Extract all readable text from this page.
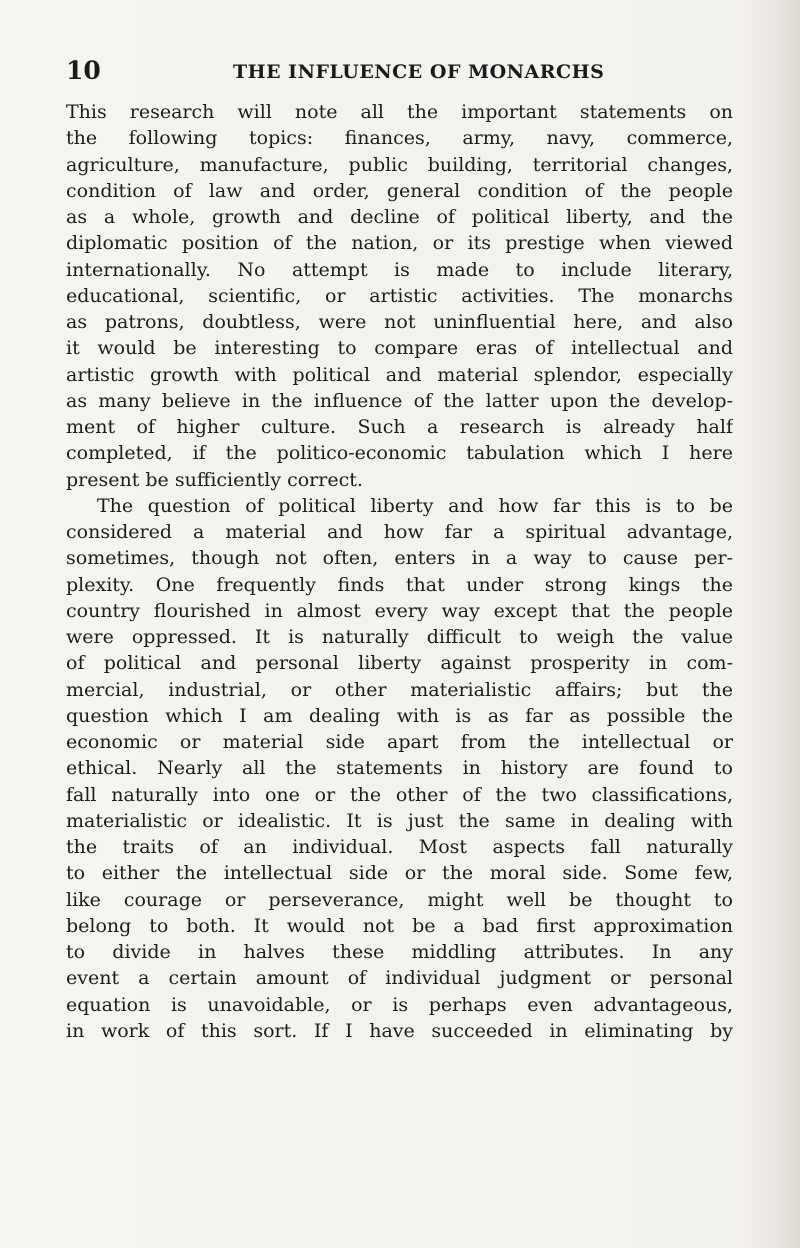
10	THE INFLUENCE OF MONARCHS
This research will note all the important statements on
the following topics: finances, army, navy, commerce,
agriculture, manufacture, public building, territorial changes,
condition of law and order, general condition of the people
as a whole, growth and decline of political liberty, and the
diplomatic position of the nation, or its prestige when viewed
internationally. No attempt is made to include literary,
educational, scientific, or artistic activities. The monarchs
as patrons, doubtless, were not uninfluential here, and also
it would be interesting to compare eras of intellectual and
artistic growth with political and material splendor, especially
as many believe in the influence of the latter upon the develop-
ment of higher culture. Such a research is already half
completed, if the politico-economic tabulation which I here
present be sufficiently correct.
The question of political liberty and how far this is to be
considered a material and how far a spiritual advantage,
sometimes, though not often, enters in a way to cause per-
plexity. One frequently finds that under strong kings the
country flourished in almost every way except that the people
were oppressed. It is naturally difficult to weigh the value
of political and personal liberty against prosperity in com-
mercial, industrial, or other materialistic affairs; but the
question which I am dealing with is as far as possible the
economic or material side apart from the intellectual or
ethical. Nearly all the statements in history are found to
fall naturally into one or the other of the two classifications,
materialistic or idealistic. It is just the same in dealing with
the traits of an individual. Most aspects fall naturally
to either the intellectual side or the moral side. Some few,
like courage or perseverance, might well be thought to
belong to both. It would not be a bad first approximation
to divide in halves these middling attributes. In any
event a certain amount of individual judgment or personal
equation is unavoidable, or is perhaps even advantageous,
in work of this sort. If I have succeeded in eliminating by
